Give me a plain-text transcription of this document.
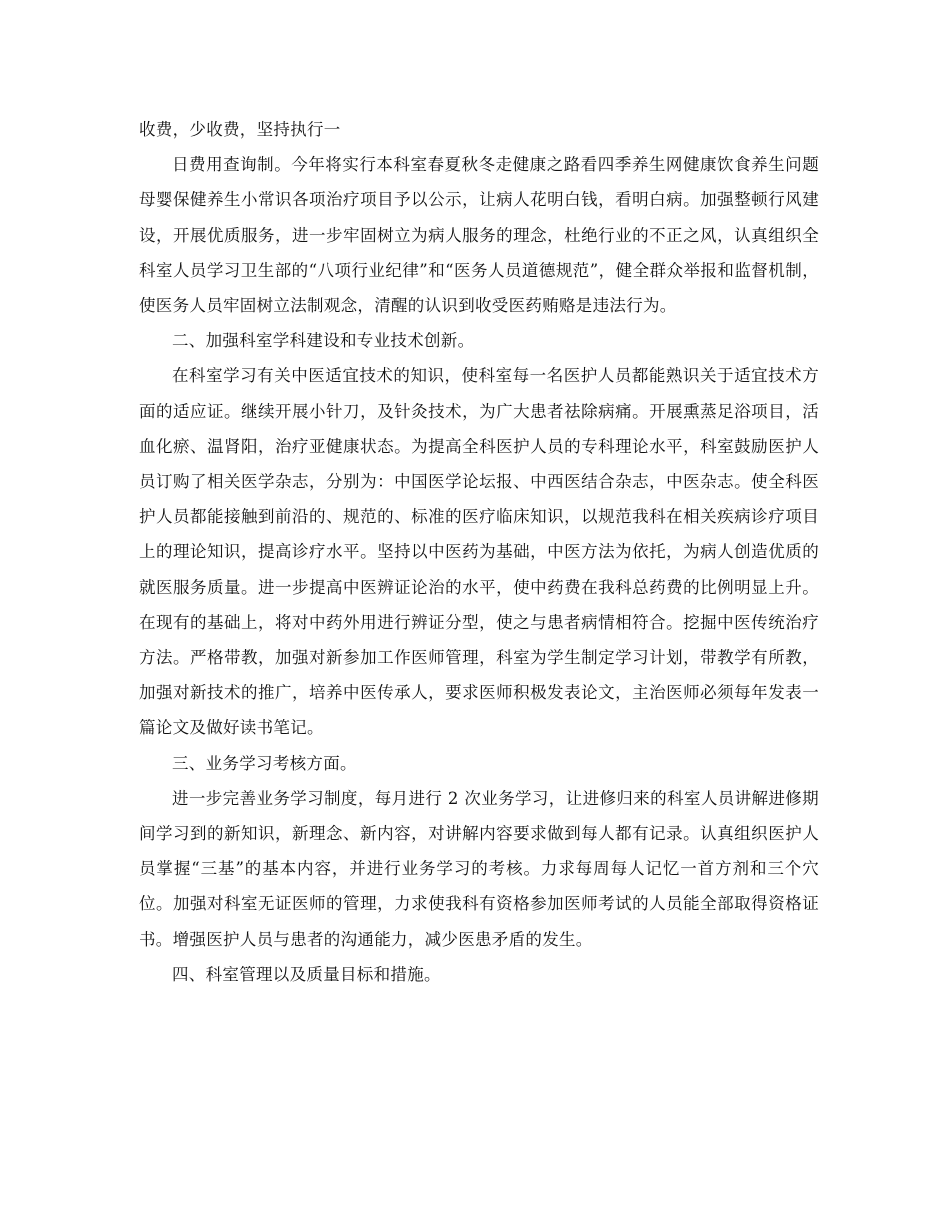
收费，少收费，坚持执行一

日费用查询制。今年将实行本科室春夏秋冬走健康之路看四季养生网健康饮食养生问题母婴保健养生小常识各项治疗项目予以公示，让病人花明白钱，看明白病。加强整顿行风建设，开展优质服务，进一步牢固树立为病人服务的理念，杜绝行业的不正之风，认真组织全科室人员学习卫生部的“八项行业纪律”和“医务人员道德规范”，健全群众举报和监督机制，使医务人员牢固树立法制观念，清醒的认识到收受医药贿赂是违法行为。

二、加强科室学科建设和专业技术创新。

在科室学习有关中医适宜技术的知识，使科室每一名医护人员都能熟识关于适宜技术方面的适应证。继续开展小针刀，及针灸技术，为广大患者祛除病痛。开展熏蒸足浴项目，活血化瘀、温肾阳，治疗亚健康状态。为提高全科医护人员的专科理论水平，科室鼓励医护人员订购了相关医学杂志，分别为：中国医学论坛报、中西医结合杂志，中医杂志。使全科医护人员都能接触到前沿的、规范的、标准的医疗临床知识，以规范我科在相关疾病诊疗项目上的理论知识，提高诊疗水平。坚持以中医药为基础，中医方法为依托，为病人创造优质的就医服务质量。进一步提高中医辨证论治的水平，使中药费在我科总药费的比例明显上升。在现有的基础上，将对中药外用进行辨证分型，使之与患者病情相符合。挖掘中医传统治疗方法。严格带教，加强对新参加工作医师管理，科室为学生制定学习计划，带教学有所教，加强对新技术的推广，培养中医传承人，要求医师积极发表论文，主治医师必须每年发表一篇论文及做好读书笔记。

三、业务学习考核方面。

进一步完善业务学习制度，每月进行 2 次业务学习，让进修归来的科室人员讲解进修期间学习到的新知识，新理念、新内容，对讲解内容要求做到每人都有记录。认真组织医护人员掌握“三基”的基本内容，并进行业务学习的考核。力求每周每人记忆一首方剂和三个穴位。加强对科室无证医师的管理，力求使我科有资格参加医师考试的人员能全部取得资格证书。增强医护人员与患者的沟通能力，减少医患矛盾的发生。

四、科室管理以及质量目标和措施。
